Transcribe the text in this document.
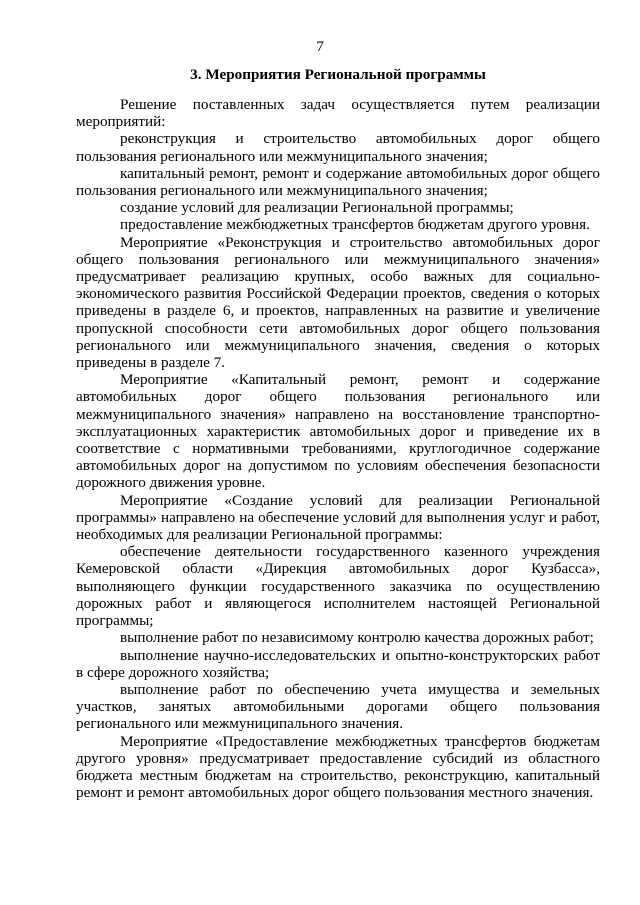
7
3. Мероприятия Региональной программы

Решение поставленных задач осуществляется путем реализации мероприятий:

реконструкция и строительство автомобильных дорог общего пользования регионального или межмуниципального значения;

капитальный ремонт, ремонт и содержание автомобильных дорог общего пользования регионального или межмуниципального значения;

создание условий для реализации Региональной программы;

предоставление межбюджетных трансфертов бюджетам другого уровня.

Мероприятие «Реконструкция и строительство автомобильных дорог общего пользования регионального или межмуниципального значения» предусматривает реализацию крупных, особо важных для социально-экономического развития Российской Федерации проектов, сведения о которых приведены в разделе 6, и проектов, направленных на развитие и увеличение пропускной способности сети автомобильных дорог общего пользования регионального или межмуниципального значения, сведения о которых приведены в разделе 7.

Мероприятие «Капитальный ремонт, ремонт и содержание автомобильных дорог общего пользования регионального или межмуниципального значения» направлено на восстановление транспортно-эксплуатационных характеристик автомобильных дорог и приведение их в соответствие с нормативными требованиями, круглогодичное содержание автомобильных дорог на допустимом по условиям обеспечения безопасности дорожного движения уровне.

Мероприятие «Создание условий для реализации Региональной программы» направлено на обеспечение условий для выполнения услуг и работ, необходимых для реализации Региональной программы:

обеспечение деятельности государственного казенного учреждения Кемеровской области «Дирекция автомобильных дорог Кузбасса», выполняющего функции государственного заказчика по осуществлению дорожных работ и являющегося исполнителем настоящей Региональной программы;

выполнение работ по независимому контролю качества дорожных работ;

выполнение научно-исследовательских и опытно-конструкторских работ в сфере дорожного хозяйства;

выполнение работ по обеспечению учета имущества и земельных участков, занятых автомобильными дорогами общего пользования регионального или межмуниципального значения.

Мероприятие «Предоставление межбюджетных трансфертов бюджетам другого уровня» предусматривает предоставление субсидий из областного бюджета местным бюджетам на строительство, реконструкцию, капитальный ремонт и ремонт автомобильных дорог общего пользования местного значения.
